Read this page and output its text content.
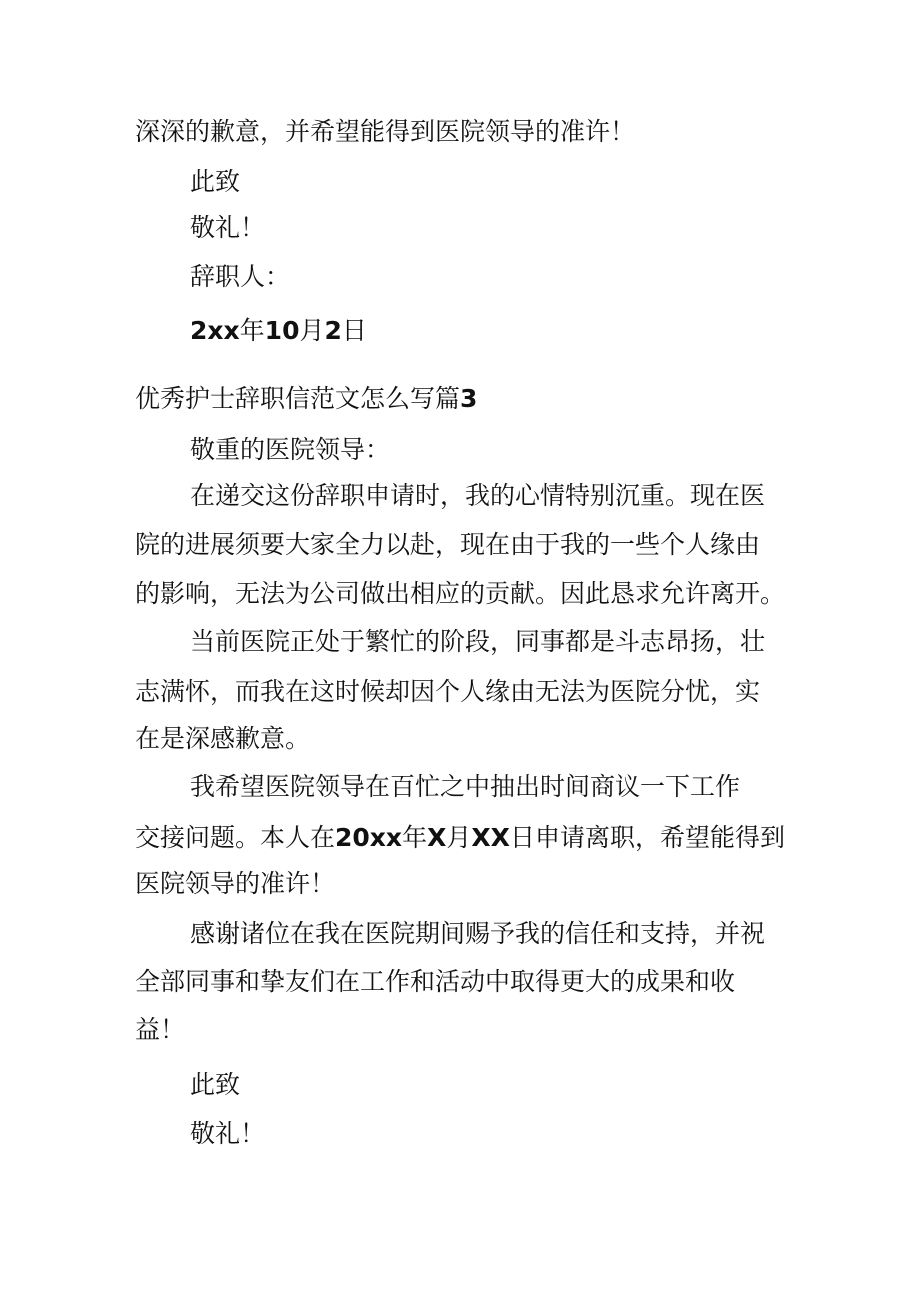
深深的歉意，并希望能得到医院领导的准许！
此致
敬礼！
辞职人：
2xx年10月2日
优秀护士辞职信范文怎么写篇3
敬重的医院领导：
在递交这份辞职申请时，我的心情特别沉重。现在医
院的进展须要大家全力以赴，现在由于我的一些个人缘由
的影响，无法为公司做出相应的贡献。因此恳求允许离开。
当前医院正处于繁忙的阶段，同事都是斗志昂扬，壮
志满怀，而我在这时候却因个人缘由无法为医院分忧，实
在是深感歉意。
我希望医院领导在百忙之中抽出时间商议一下工作
交接问题。本人在20xx年X月XX日申请离职，希望能得到
医院领导的准许！
感谢诸位在我在医院期间赐予我的信任和支持，并祝
全部同事和挚友们在工作和活动中取得更大的成果和收
益！
此致
敬礼！
